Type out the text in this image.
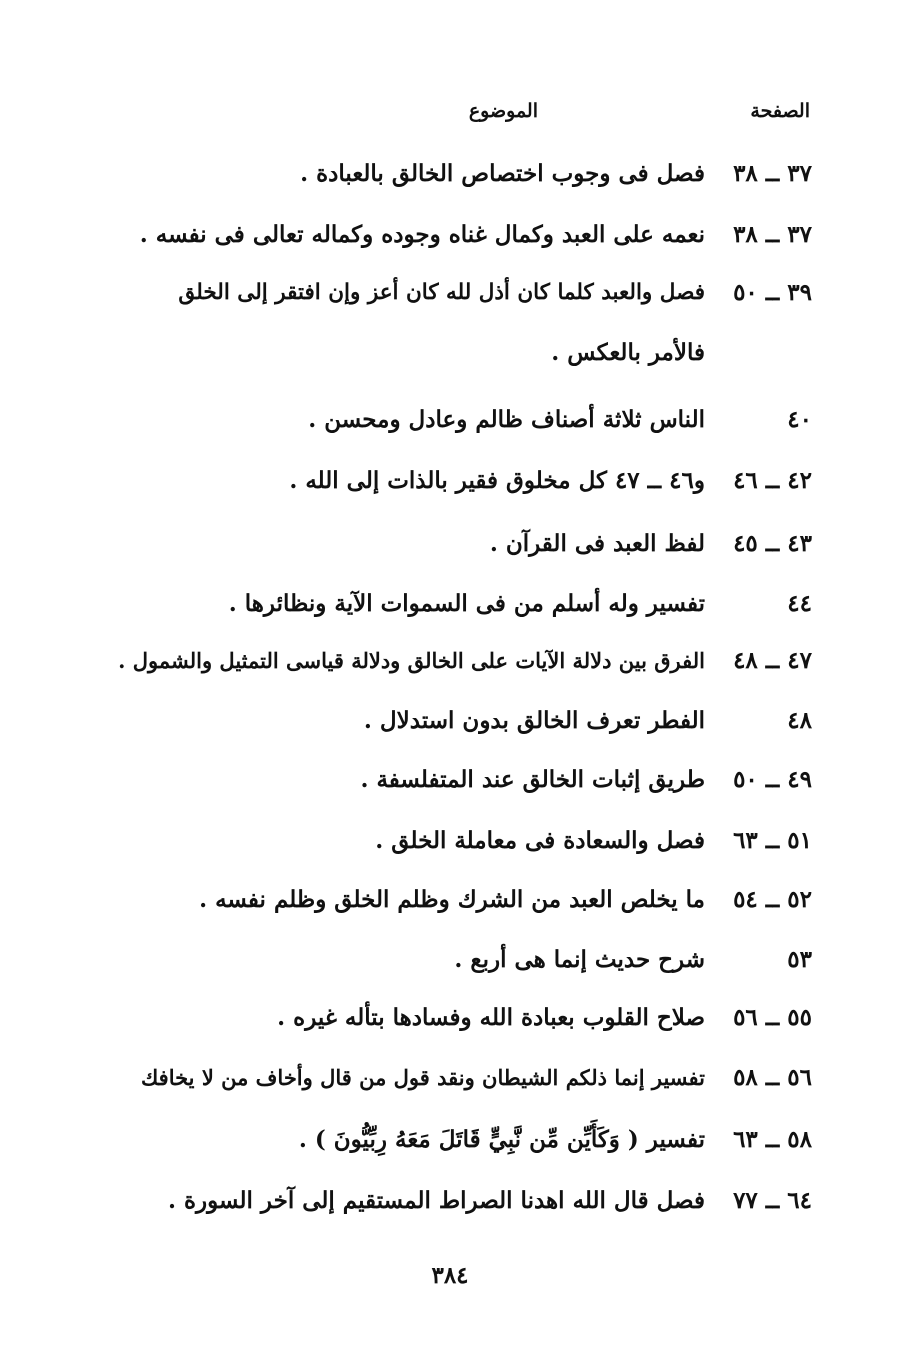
الصفحة
الموضوع
٣٧ ــ ٣٨
فصل فى وجوب اختصاص الخالق بالعبادة .
٣٧ ــ ٣٨
نعمه على العبد وكمال غناه وجوده وكماله تعالى فى نفسه .
٣٩ ــ ٥٠
فصل والعبد كلما كان أذل لله كان أعز وإن افتقر إلى الخلق
فالأمر بالعكس .
٤٠
الناس ثلاثة أصناف ظالم وعادل ومحسن .
٤٢ ــ ٤٦
و٤٦ ــ ٤٧ كل مخلوق فقير بالذات إلى الله .
٤٣ ــ ٤٥
لفظ العبد فى القرآن .
٤٤
تفسير وله أسلم من فى السموات الآية ونظائرها .
٤٧ ــ ٤٨
الفرق بين دلالة الآيات على الخالق ودلالة قياسى التمثيل والشمول .
٤٨
الفطر تعرف الخالق بدون استدلال .
٤٩ ــ ٥٠
طريق إثبات الخالق عند المتفلسفة .
٥١ ــ ٦٣
فصل والسعادة فى معاملة الخلق .
٥٢ ــ ٥٤
ما يخلص العبد من الشرك وظلم الخلق وظلم نفسه .
٥٣
شرح حديث إنما هى أربع .
٥٥ ــ ٥٦
صلاح القلوب بعبادة الله وفسادها بتأله غيره .
٥٦ ــ ٥٨
تفسير إنما ذلكم الشيطان ونقد قول من قال وأخاف من لا يخافك
٥٨ ــ ٦٣
تفسير ( وَكَأَيِّن مِّن نَّبِيٍّ قَاتَلَ مَعَهُ رِبِّيُّونَ ) .
٦٤ ــ ٧٧
فصل قال الله اهدنا الصراط المستقيم إلى آخر السورة .
٣٨٤
